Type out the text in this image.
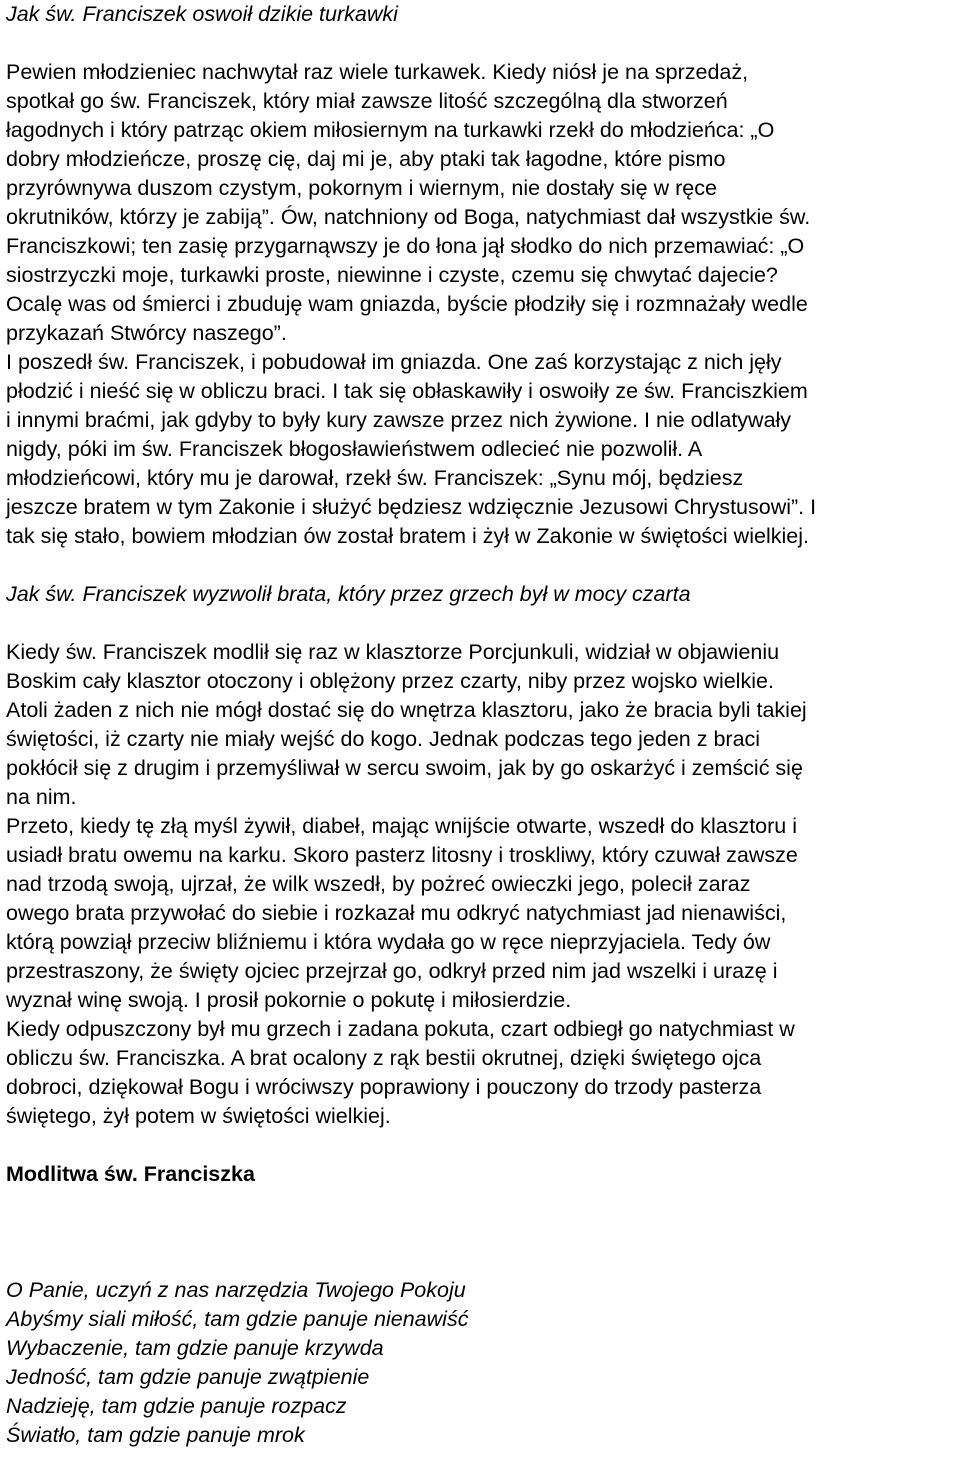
Jak św. Franciszek oswoił dzikie turkawki
Pewien młodzieniec nachwytał raz wiele turkawek. Kiedy niósł je na sprzedaż,
spotkał go św. Franciszek, który miał zawsze litość szczególną dla stworzeń
łagodnych i który patrząc okiem miłosiernym na turkawki rzekł do młodzieńca: „O
dobry młodzieńcze, proszę cię, daj mi je, aby ptaki tak łagodne, które pismo
przyrównywa duszom czystym, pokornym i wiernym, nie dostały się w ręce
okrutników, którzy je zabiją”. Ów, natchniony od Boga, natychmiast dał wszystkie św.
Franciszkowi; ten zasię przygarnąwszy je do łona jął słodko do nich przemawiać: „O
siostrzyczki moje, turkawki proste, niewinne i czyste, czemu się chwytać dajecie?
Ocalę was od śmierci i zbuduję wam gniazda, byście płodziły się i rozmnażały wedle
przykazań Stwórcy naszego”.
I poszedł św. Franciszek, i pobudował im gniazda. One zaś korzystając z nich jęły
płodzić i nieść się w obliczu braci. I tak się obłaskawiły i oswoiły ze św. Franciszkiem
i innymi braćmi, jak gdyby to były kury zawsze przez nich żywione. I nie odlatywały
nigdy, póki im św. Franciszek błogosławieństwem odlecieć nie pozwolił. A
młodzieńcowi, który mu je darował, rzekł św. Franciszek: „Synu mój, będziesz
jeszcze bratem w tym Zakonie i służyć będziesz wdzięcznie Jezusowi Chrystusowi”. I
tak się stało, bowiem młodzian ów został bratem i żył w Zakonie w świętości wielkiej.
Jak św. Franciszek wyzwolił brata, który przez grzech był w mocy czarta
Kiedy św. Franciszek modlił się raz w klasztorze Porcjunkuli, widział w objawieniu
Boskim cały klasztor otoczony i oblężony przez czarty, niby przez wojsko wielkie.
Atoli żaden z nich nie mógł dostać się do wnętrza klasztoru, jako że bracia byli takiej
świętości, iż czarty nie miały wejść do kogo. Jednak podczas tego jeden z braci
pokłócił się z drugim i przemyśliwał w sercu swoim, jak by go oskarżyć i zemścić się
na nim.
Przeto, kiedy tę złą myśl żywił, diabeł, mając wnijście otwarte, wszedł do klasztoru i
usiadł bratu owemu na karku. Skoro pasterz litosny i troskliwy, który czuwał zawsze
nad trzodą swoją, ujrzał, że wilk wszedł, by pożreć owieczki jego, polecił zaraz
owego brata przywołać do siebie i rozkazał mu odkryć natychmiast jad nienawiści,
którą powziął przeciw bliźniemu i która wydała go w ręce nieprzyjaciela. Tedy ów
przestraszony, że święty ojciec przejrzał go, odkrył przed nim jad wszelki i urazę i
wyznał winę swoją. I prosił pokornie o pokutę i miłosierdzie.
Kiedy odpuszczony był mu grzech i zadana pokuta, czart odbiegł go natychmiast w
obliczu św. Franciszka. A brat ocalony z rąk bestii okrutnej, dzięki świętego ojca
dobroci, dziękował Bogu i wróciwszy poprawiony i pouczony do trzody pasterza
świętego, żył potem w świętości wielkiej.
Modlitwa św. Franciszka
O Panie, uczyń z nas narzędzia Twojego Pokoju
Abyśmy siali miłość, tam gdzie panuje nienawiść
Wybaczenie, tam gdzie panuje krzywda
Jedność, tam gdzie panuje zwątpienie
Nadzieję, tam gdzie panuje rozpacz
Światło, tam gdzie panuje mrok
